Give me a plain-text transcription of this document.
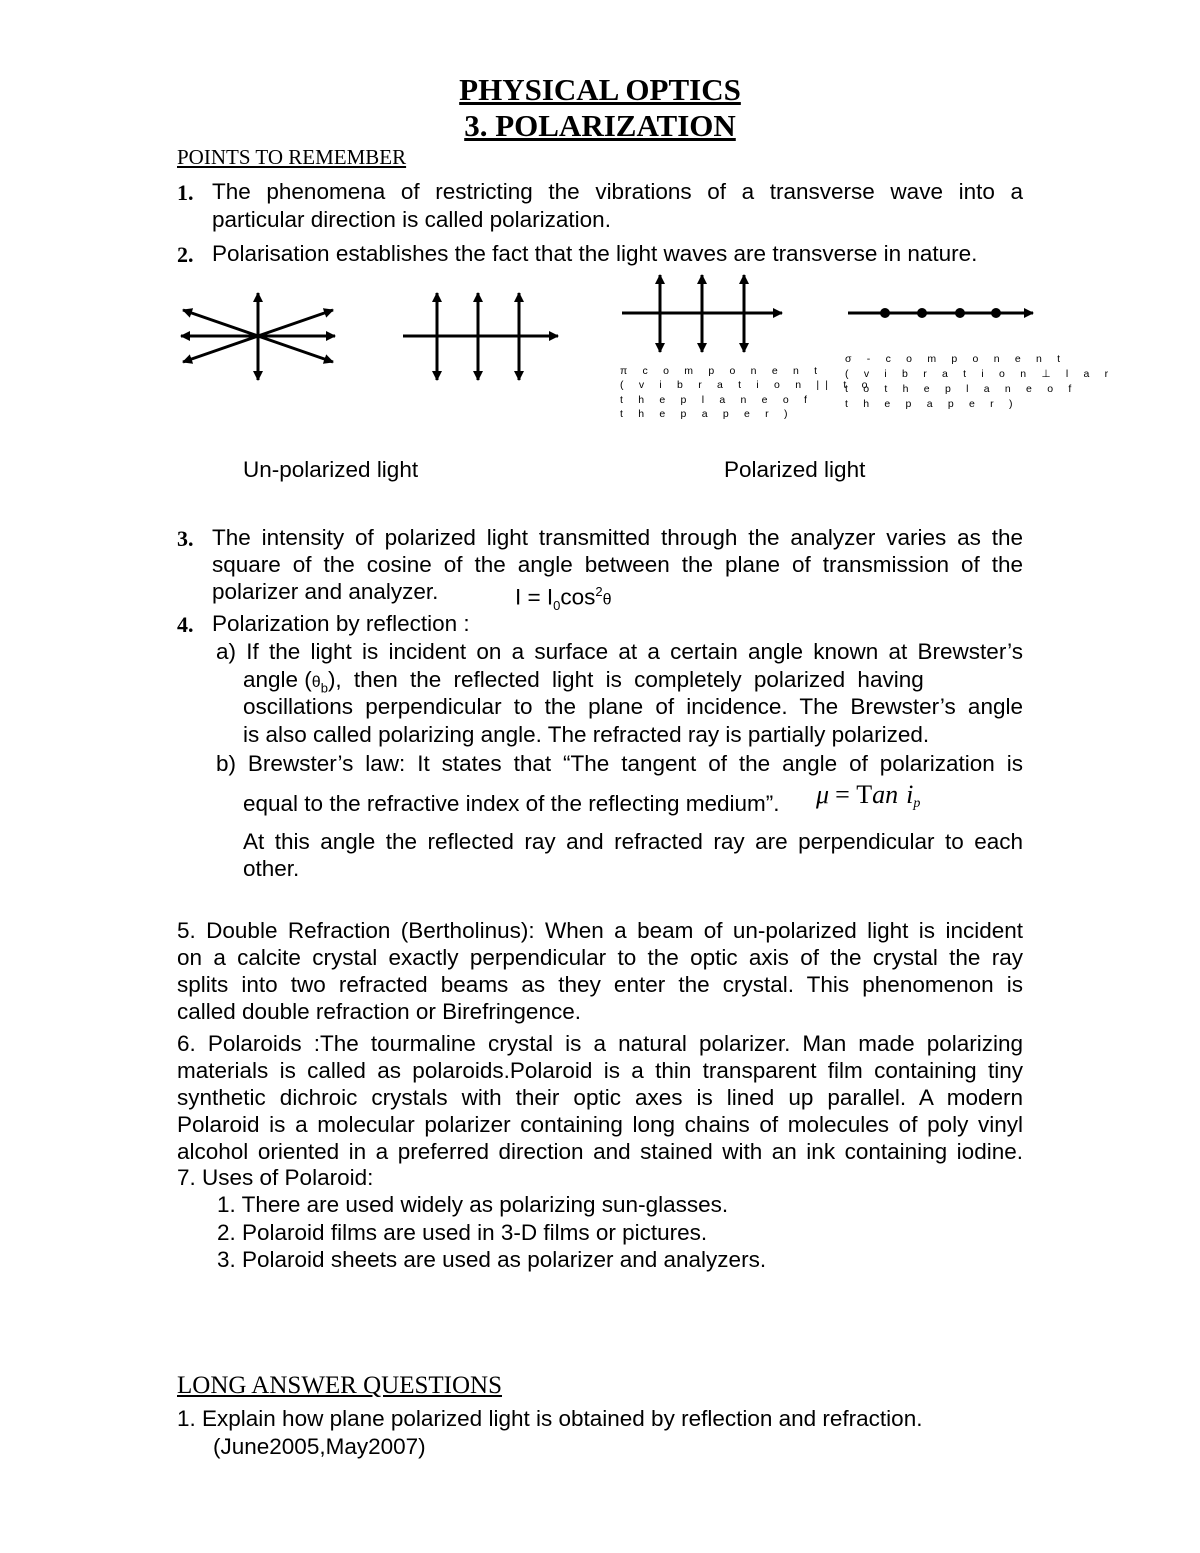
PHYSICAL OPTICS
3. POLARIZATION
POINTS TO REMEMBER
1. The phenomena of restricting the vibrations of a transverse wave into a
particular direction is called polarization.
2. Polarisation establishes the fact that the light waves are transverse in nature.
π c o m p o n e n t
( v i b r a t i o n || t o
t h e p l a n e o f
t h e p a p e r )
σ - c o m p o n e n t
( v i b r a t i o n ⊥ l a r
t o t h e p l a n e o f
t h e p a p e r )
Un-polarized light	Polarized light
3. The intensity of polarized light transmitted through the analyzer varies as the
square of the cosine of the angle between the plane of transmission of the
polarizer and analyzer.	$I = I_0\cos^2\theta$
4. Polarization by reflection :
a) If the light is incident on a surface at a certain angle known at Brewster’s
angle $(\theta_b)$, then the reflected light is completely polarized having
oscillations perpendicular to the plane of incidence. The Brewster’s angle
is also called polarizing angle. The refracted ray is partially polarized.
b) Brewster’s law: It states that “The tangent of the angle of polarization is
equal to the refractive index of the reflecting medium”. μ = Tan $i_p$
At this angle the reflected ray and refracted ray are perpendicular to each
other.
5. Double Refraction (Bertholinus): When a beam of un-polarized light is incident
on a calcite crystal exactly perpendicular to the optic axis of the crystal the ray
splits into two refracted beams as they enter the crystal. This phenomenon is
called double refraction or Birefringence.
6. Polaroids :The tourmaline crystal is a natural polarizer. Man made polarizing
materials is called as polaroids.Polaroid is a thin transparent film containing tiny
synthetic dichroic crystals with their optic axes is lined up parallel. A modern
Polaroid is a molecular polarizer containing long chains of molecules of poly vinyl
alcohol oriented in a preferred direction and stained with an ink containing iodine.
7. Uses of Polaroid:
1. There are used widely as polarizing sun-glasses.
2. Polaroid films are used in 3-D films or pictures.
3. Polaroid sheets are used as polarizer and analyzers.
LONG ANSWER QUESTIONS
1. Explain how plane polarized light is obtained by reflection and refraction.
(June2005,May2007)
